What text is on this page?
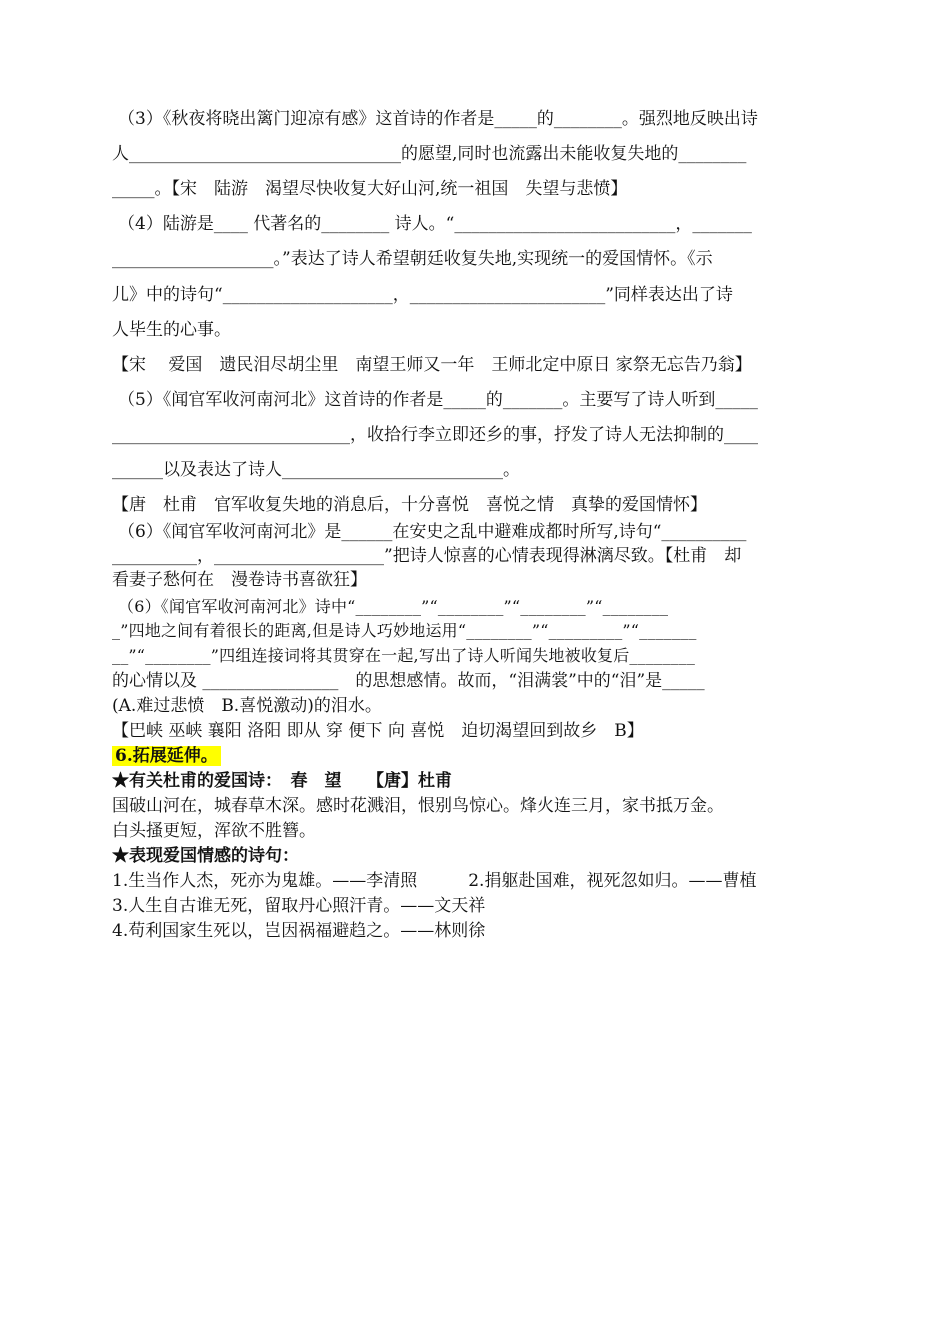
（3）《秋夜将晓出篱门迎凉有感》这首诗的作者是_____的________。强烈地反映出诗
人________________________________的愿望,同时也流露出未能收复失地的________
_____。【宋　陆游　渴望尽快收复大好山河,统一祖国　失望与悲愤】
（4）陆游是____ 代著名的________ 诗人。“__________________________，_______
___________________。”表达了诗人希望朝廷收复失地,实现统一的爱国情怀。《示
儿》中的诗句“____________________，_______________________”同样表达出了诗
人毕生的心事。
【宋　 爱国　遗民泪尽胡尘里　南望王师又一年　王师北定中原日 家祭无忘告乃翁】
（5）《闻官军收河南河北》这首诗的作者是_____的_______。主要写了诗人听到_____
____________________________，收拾行李立即还乡的事，抒发了诗人无法抑制的____
______以及表达了诗人__________________________。
【唐　杜甫　官军收复失地的消息后，十分喜悦　喜悦之情　真挚的爱国情怀】
（6）《闻官军收河南河北》是______在安史之乱中避难成都时所写,诗句“__________
__________，____________________”把诗人惊喜的心情表现得淋漓尽致。【杜甫　却
看妻子愁何在　漫卷诗书喜欲狂】
（6）《闻官军收河南河北》诗中“________”“________”“________”“________
_”四地之间有着很长的距离,但是诗人巧妙地运用“________”“_________”“_______
__”“________”四组连接词将其贯穿在一起,写出了诗人听闻失地被收复后________
的心情以及 ________________　的思想感情。故而，“泪满裳”中的“泪”是_____
(A.难过悲愤　B.喜悦激动)的泪水。
【巴峡 巫峡 襄阳 洛阳 即从 穿 便下 向 喜悦　迫切渴望回到故乡　B】
6.拓展延伸。
★有关杜甫的爱国诗：　春　望　　【唐】杜甫
国破山河在，城春草木深。感时花溅泪，恨别鸟惊心。烽火连三月，家书抵万金。
白头搔更短，浑欲不胜簪。
★表现爱国情感的诗句：
1.生当作人杰，死亦为鬼雄。——李清照　　　2.捐躯赴国难，视死忽如归。——曹植
3.人生自古谁无死，留取丹心照汗青。——文天祥
4.苟利国家生死以，岂因祸福避趋之。——林则徐
